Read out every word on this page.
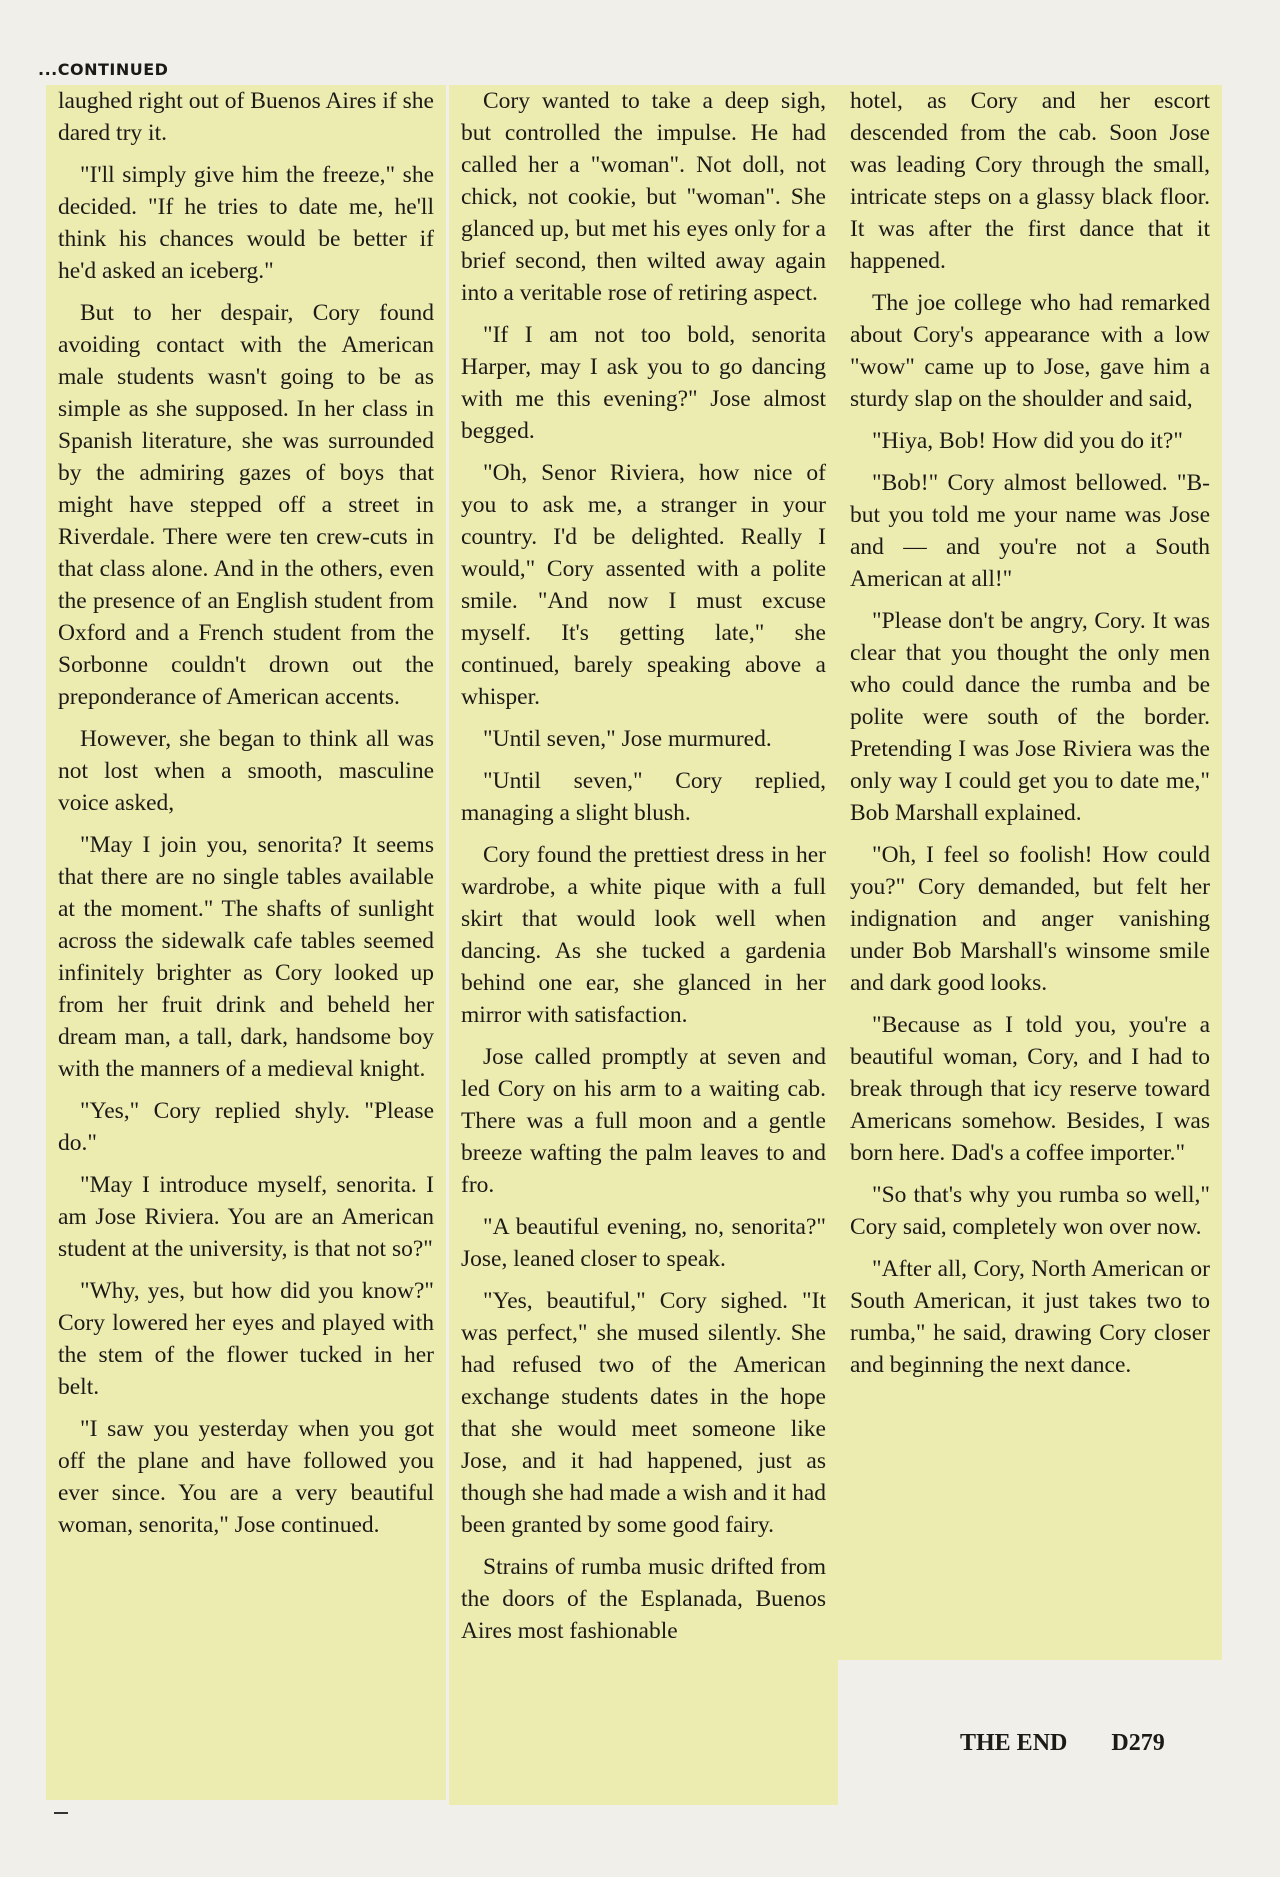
...CONTINUED

laughed right out of Buenos Aires if she dared try it.

"I'll simply give him the freeze," she decided. "If he tries to date me, he'll think his chances would be better if he'd asked an iceberg."

But to her despair, Cory found avoiding contact with the American male students wasn't going to be as simple as she supposed. In her class in Spanish literature, she was surrounded by the admiring gazes of boys that might have stepped off a street in Riverdale. There were ten crew-cuts in that class alone. And in the others, even the presence of an English student from Oxford and a French student from the Sorbonne couldn't drown out the preponderance of American accents.

However, she began to think all was not lost when a smooth, masculine voice asked,

"May I join you, senorita? It seems that there are no single tables available at the moment." The shafts of sunlight across the sidewalk cafe tables seemed infinitely brighter as Cory looked up from her fruit drink and beheld her dream man, a tall, dark, handsome boy with the manners of a medieval knight.

"Yes," Cory replied shyly. "Please do."

"May I introduce myself, senorita. I am Jose Riviera. You are an American student at the university, is that not so?"

"Why, yes, but how did you know?" Cory lowered her eyes and played with the stem of the flower tucked in her belt.

"I saw you yesterday when you got off the plane and have followed you ever since. You are a very beautiful woman, senorita," Jose continued.

Cory wanted to take a deep sigh, but controlled the impulse. He had called her a "woman". Not doll, not chick, not cookie, but "woman". She glanced up, but met his eyes only for a brief second, then wilted away again into a veritable rose of retiring aspect.

"If I am not too bold, senorita Harper, may I ask you to go dancing with me this evening?" Jose almost begged.

"Oh, Senor Riviera, how nice of you to ask me, a stranger in your country. I'd be delighted. Really I would," Cory assented with a polite smile. "And now I must excuse myself. It's getting late," she continued, barely speaking above a whisper.

"Until seven," Jose murmured.

"Until seven," Cory replied, managing a slight blush.

Cory found the prettiest dress in her wardrobe, a white pique with a full skirt that would look well when dancing. As she tucked a gardenia behind one ear, she glanced in her mirror with satisfaction.

Jose called promptly at seven and led Cory on his arm to a waiting cab. There was a full moon and a gentle breeze wafting the palm leaves to and fro.

"A beautiful evening, no, senorita?" Jose, leaned closer to speak.

"Yes, beautiful," Cory sighed. "It was perfect," she mused silently. She had refused two of the American exchange students dates in the hope that she would meet someone like Jose, and it had happened, just as though she had made a wish and it had been granted by some good fairy.

Strains of rumba music drifted from the doors of the Esplanada, Buenos Aires most fashionable

hotel, as Cory and her escort descended from the cab. Soon Jose was leading Cory through the small, intricate steps on a glassy black floor. It was after the first dance that it happened.

The joe college who had remarked about Cory's appearance with a low "wow" came up to Jose, gave him a sturdy slap on the shoulder and said,

"Hiya, Bob! How did you do it?"

"Bob!" Cory almost bellowed. "B-but you told me your name was Jose and — and you're not a South American at all!"

"Please don't be angry, Cory. It was clear that you thought the only men who could dance the rumba and be polite were south of the border. Pretending I was Jose Riviera was the only way I could get you to date me," Bob Marshall explained.

"Oh, I feel so foolish! How could you?" Cory demanded, but felt her indignation and anger vanishing under Bob Marshall's winsome smile and dark good looks.

"Because as I told you, you're a beautiful woman, Cory, and I had to break through that icy reserve toward Americans somehow. Besides, I was born here. Dad's a coffee importer."

"So that's why you rumba so well," Cory said, completely won over now.

"After all, Cory, North American or South American, it just takes two to rumba," he said, drawing Cory closer and beginning the next dance.

THE END D279
